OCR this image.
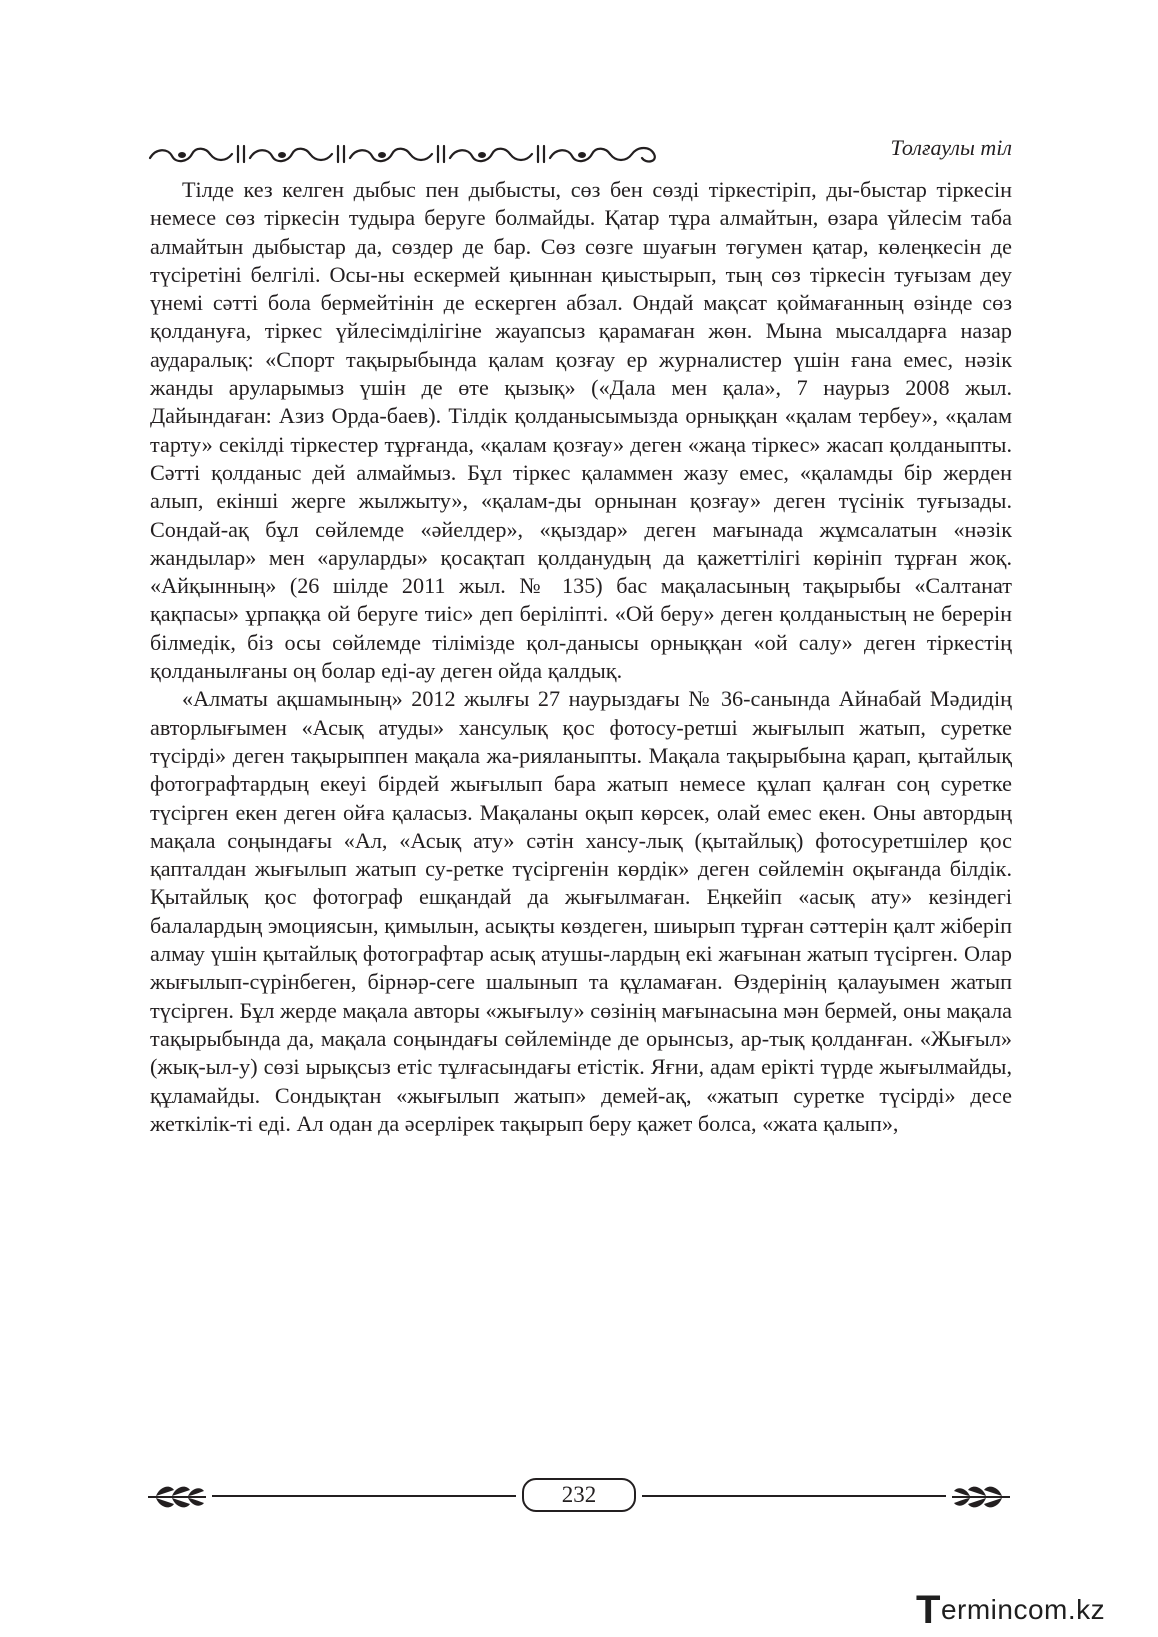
Толғаулы тіл

Тілде кез келген дыбыс пен дыбысты, сөз бен сөзді тіркестіріп, ды-быстар тіркесін немесе сөз тіркесін тудыра беруге болмайды. Қатар тұра алмайтын, өзара үйлесім таба алмайтын дыбыстар да, сөздер де бар. Сөз сөзге шуағын төгумен қатар, көлеңкесін де түсіретіні белгілі. Осы-ны ескермей қиыннан қиыстырып, тың сөз тіркесін туғызам деу үнемі сәтті бола бермейтінін де ескерген абзал. Ондай мақсат қоймағанның өзінде сөз қолдануға, тіркес үйлесімділігіне жауапсыз қарамаған жөн. Мына мысалдарға назар аударалық: «Спорт тақырыбында қалам қозғау ер журналистер үшін ғана емес, нәзік жанды аруларымыз үшін де өте қызық» («Дала мен қала», 7 наурыз 2008 жыл. Дайындаған: Азиз Орда-баев). Тілдік қолданысымызда орныққан «қалам тербеу», «қалам тарту» секілді тіркестер тұрғанда, «қалам қозғау» деген «жаңа тіркес» жасап қолданыпты. Сәтті қолданыс дей алмаймыз. Бұл тіркес қаламмен жазу емес, «қаламды бір жерден алып, екінші жерге жылжыту», «қалам-ды орнынан қозғау» деген түсінік туғызады. Сондай-ақ бұл сөйлемде «әйелдер», «қыздар» деген мағынада жұмсалатын «нәзік жандылар» мен «аруларды» қосақтап қолданудың да қажеттілігі көрініп тұрған жоқ. «Айқынның» (26 шілде 2011 жыл. № 135) бас мақаласының тақырыбы «Салтанат қақпасы» ұрпаққа ой беруге тиіс» деп берілiпті. «Ой беру» деген қолданыстың не берерін білмедік, біз осы сөйлемде тілімізде қол-данысы орныққан «ой салу» деген тіркестің қолданылғаны оң болар еді-ау деген ойда қалдық.

«Алматы ақшамының» 2012 жылғы 27 наурыздағы № 36-санында Айнабай Мәдидің авторлығымен «Асық атуды» хансулық қос фотосу-ретші жығылып жатып, суретке түсірді» деген тақырыппен мақала жа-рияланыпты. Мақала тақырыбына қарап, қытайлық фотографтардың екеуі бірдей жығылып бара жатып немесе құлап қалған соң суретке түсірген екен деген ойға қаласыз. Мақаланы оқып көрсек, олай емес екен. Оны автордың мақала соңындағы «Ал, «Асық ату» сәтін хансу-лық (қытайлық) фотосуретшілер қос қапталдан жығылып жатып су-ретке түсіргенін көрдік» деген сөйлемін оқығанда білдік. Қытайлық қос фотограф ешқандай да жығылмаған. Еңкейіп «асық ату» кезіндегі балалардың эмоциясын, қимылын, асықты көздеген, шиырып тұрған сәттерін қалт жіберіп алмау үшін қытайлық фотографтар асық атушы-лардың екі жағынан жатып түсірген. Олар жығылып-сүрінбеген, бірнәр-сеге шалынып та құламаған. Өздерінің қалауымен жатып түсірген. Бұл жерде мақала авторы «жығылу» сөзінің мағынасына мән бермей, оны мақала тақырыбында да, мақала соңындағы сөйлемінде де орынсыз, ар-тық қолданған. «Жығыл» (жық-ыл-у) сөзі ырықсыз етіс тұлғасындағы етістік. Яғни, адам ерікті түрде жығылмайды, құламайды. Сондықтан «жығылып жатып» демей-ақ, «жатып суретке түсірді» десе жеткілік-ті еді. Ал одан да әсерлірек тақырып беру қажет болса, «жата қалып»,

232
Termincom.kz
